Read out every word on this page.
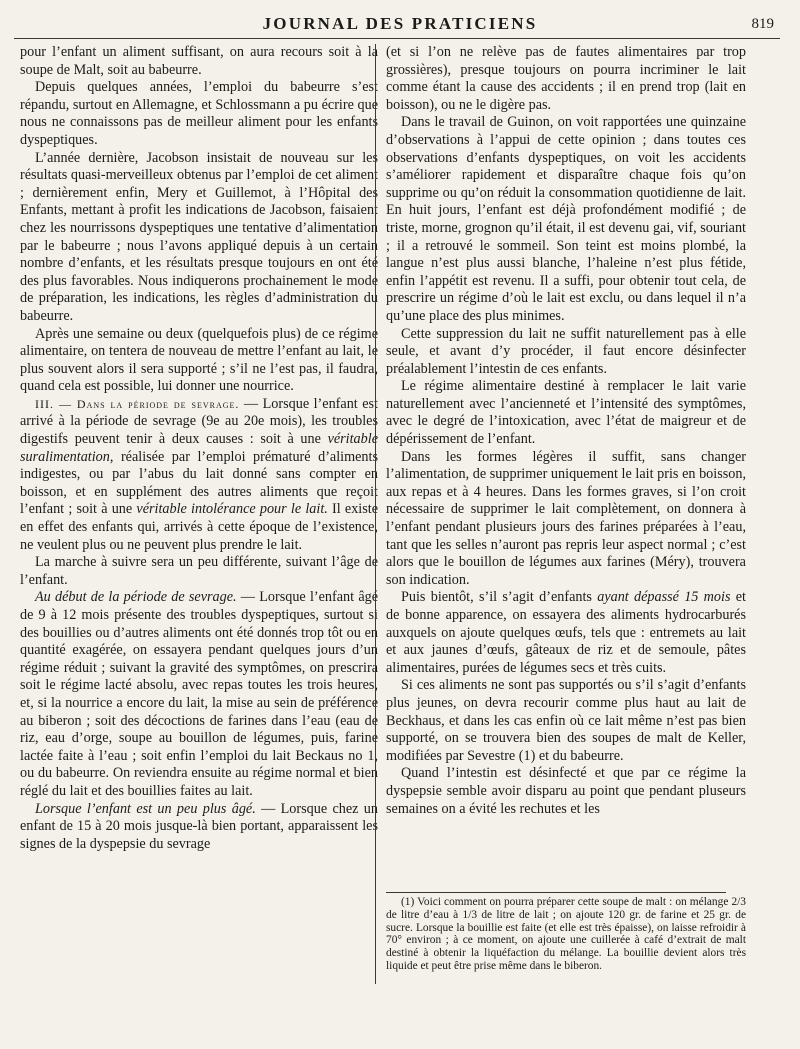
JOURNAL DES PRATICIENS	819

pour l’enfant un aliment suffisant, on aura recours soit à la soupe de Malt, soit au babeurre.

Depuis quelques années, l’emploi du babeurre s’est répandu, surtout en Allemagne, et Schlossmann a pu écrire que nous ne connaissons pas de meilleur aliment pour les enfants dyspeptiques.

L’année dernière, Jacobson insistait de nouveau sur les résultats quasi-merveilleux obtenus par l’emploi de cet aliment ; dernièrement enfin, Mery et Guillemot, à l’Hôpital des Enfants, mettant à profit les indications de Jacobson, faisaient chez les nourrissons dyspeptiques une tentative d’alimentation par le babeurre ; nous l’avons appliqué depuis à un certain nombre d’enfants, et les résultats presque toujours en ont été des plus favorables. Nous indiquerons prochainement le mode de préparation, les indications, les règles d’administration du babeurre.

Après une semaine ou deux (quelquefois plus) de ce régime alimentaire, on tentera de nouveau de mettre l’enfant au lait, le plus souvent alors il sera supporté ; s’il ne l’est pas, il faudra, quand cela est possible, lui donner une nourrice.

III. — Dans la période de sevrage. — Lorsque l’enfant est arrivé à la période de sevrage (9e au 20e mois), les troubles digestifs peuvent tenir à deux causes : soit à une véritable suralimentation, réalisée par l’emploi prématuré d’aliments indigestes, ou par l’abus du lait donné sans compter en boisson, et en supplément des autres aliments que reçoit l’enfant ; soit à une véritable intolérance pour le lait. Il existe en effet des enfants qui, arrivés à cette époque de l’existence, ne veulent plus ou ne peuvent plus prendre le lait.

La marche à suivre sera un peu différente, suivant l’âge de l’enfant.

Au début de la période de sevrage. — Lorsque l’enfant âgé de 9 à 12 mois présente des troubles dyspeptiques, surtout si des bouillies ou d’autres aliments ont été donnés trop tôt ou en quantité exagérée, on essayera pendant quelques jours d’un régime réduit ; suivant la gravité des symptômes, on prescrira soit le régime lacté absolu, avec repas toutes les trois heures, et, si la nourrice a encore du lait, la mise au sein de préférence au biberon ; soit des décoctions de farines dans l’eau (eau de riz, eau d’orge, soupe au bouillon de légumes, puis, farine lactée faite à l’eau ; soit enfin l’emploi du lait Beckaus no 1, ou du babeurre. On reviendra ensuite au régime normal et bien réglé du lait et des bouillies faites au lait.

Lorsque l’enfant est un peu plus âgé. — Lorsque chez un enfant de 15 à 20 mois jusque-là bien portant, apparaissent les signes de la dyspepsie du sevrage

(et si l’on ne relève pas de fautes alimentaires par trop grossières), presque toujours on pourra incriminer le lait comme étant la cause des accidents ; il en prend trop (lait en boisson), ou ne le digère pas.

Dans le travail de Guinon, on voit rapportées une quinzaine d’observations à l’appui de cette opinion ; dans toutes ces observations d’enfants dyspeptiques, on voit les accidents s’améliorer rapidement et disparaître chaque fois qu’on supprime ou qu’on réduit la consommation quotidienne de lait. En huit jours, l’enfant est déjà profondément modifié ; de triste, morne, grognon qu’il était, il est devenu gai, vif, souriant ; il a retrouvé le sommeil. Son teint est moins plombé, la langue n’est plus aussi blanche, l’haleine n’est plus fétide, enfin l’appétit est revenu. Il a suffi, pour obtenir tout cela, de prescrire un régime d’où le lait est exclu, ou dans lequel il n’a qu’une place des plus minimes.

Cette suppression du lait ne suffit naturellement pas à elle seule, et avant d’y procéder, il faut encore désinfecter préalablement l’intestin de ces enfants.

Le régime alimentaire destiné à remplacer le lait varie naturellement avec l’ancienneté et l’intensité des symptômes, avec le degré de l’intoxication, avec l’état de maigreur et de dépérissement de l’enfant.

Dans les formes légères il suffit, sans changer l’alimentation, de supprimer uniquement le lait pris en boisson, aux repas et à 4 heures. Dans les formes graves, si l’on croit nécessaire de supprimer le lait complètement, on donnera à l’enfant pendant plusieurs jours des farines préparées à l’eau, tant que les selles n’auront pas repris leur aspect normal ; c’est alors que le bouillon de légumes aux farines (Méry), trouvera son indication.

Puis bientôt, s’il s’agit d’enfants ayant dépassé 15 mois et de bonne apparence, on essayera des aliments hydrocarburés auxquels on ajoute quelques œufs, tels que : entremets au lait et aux jaunes d’œufs, gâteaux de riz et de semoule, pâtes alimentaires, purées de légumes secs et très cuits.

Si ces aliments ne sont pas supportés ou s’il s’agit d’enfants plus jeunes, on devra recourir comme plus haut au lait de Beckhaus, et dans les cas enfin où ce lait même n’est pas bien supporté, on se trouvera bien des soupes de malt de Keller, modifiées par Sevestre (1) et du babeurre.

Quand l’intestin est désinfecté et que par ce régime la dyspepsie semble avoir disparu au point que pendant pluseurs semaines on a évité les rechutes et les

(1) Voici comment on pourra préparer cette soupe de malt : on mélange 2/3 de litre d’eau à 1/3 de litre de lait ; on ajoute 120 gr. de farine et 25 gr. de sucre. Lorsque la bouillie est faite (et elle est très épaisse), on laisse refroidir à 70° environ ; à ce moment, on ajoute une cuillerée à café d’extrait de malt destiné à obtenir la liquéfaction du mélange. La bouillie devient alors très liquide et peut être prise même dans le biberon.
